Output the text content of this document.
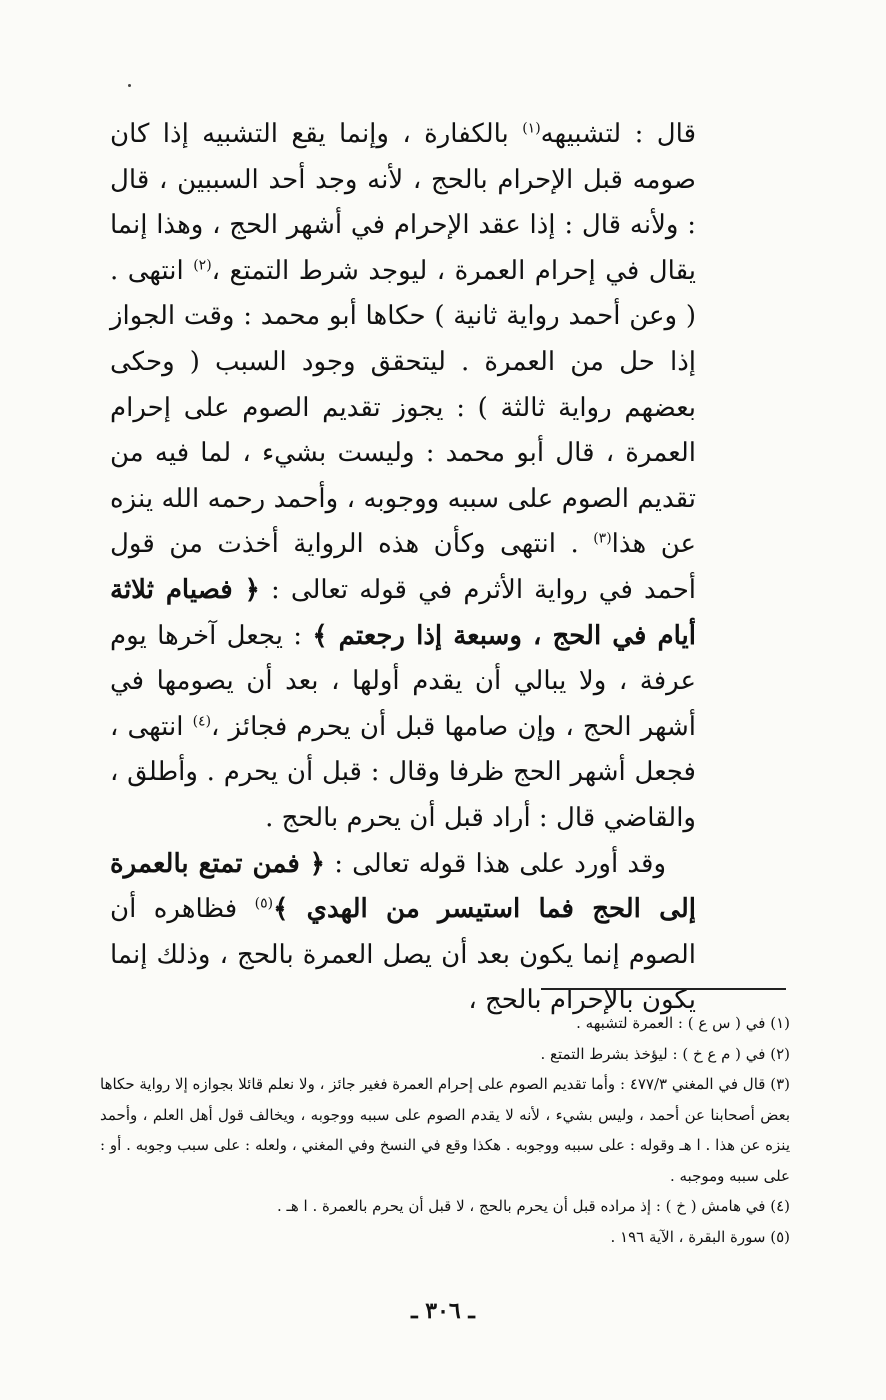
قال : لتشبيهه$^{(١)}$ بالكفارة ، وإنما يقع التشبيه إذا كان صومه قبل الإحرام بالحج ، لأنه وجد أحد السببين ، قال : ولأنه قال : إذا عقد الإحرام في أشهر الحج ، وهذا إنما يقال في إحرام العمرة ، ليوجد شرط التمتع ،$^{(٢)}$ انتهى . ( وعن أحمد رواية ثانية ) حكاها أبو محمد : وقت الجواز إذا حل من العمرة . ليتحقق وجود السبب ( وحكى بعضهم رواية ثالثة ) : يجوز تقديم الصوم على إحرام العمرة ، قال أبو محمد : وليست بشيء ، لما فيه من تقديم الصوم على سببه ووجوبه ، وأحمد رحمه الله ينزه عن هذا$^{(٣)}$ . انتهى وكأن هذه الرواية أخذت من قول أحمد في رواية الأثرم في قوله تعالى : ﴿ فصيام ثلاثة أيام في الحج ، وسبعة إذا رجعتم ﴾ : يجعل آخرها يوم عرفة ، ولا يبالي أن يقدم أولها ، بعد أن يصومها في أشهر الحج ، وإن صامها قبل أن يحرم فجائز ،$^{(٤)}$ انتهى ، فجعل أشهر الحج ظرفا وقال : قبل أن يحرم . وأطلق ، والقاضي قال : أراد قبل أن يحرم بالحج .

وقد أورد على هذا قوله تعالى : ﴿ فمن تمتع بالعمرة إلى الحج فما استيسر من الهدي ﴾$^{(٥)}$ فظاهره أن الصوم إنما يكون بعد أن يصل العمرة بالحج ، وذلك إنما يكون بالإحرام بالحج ،

(١) في ( س ع ) : العمرة لتشبهه .

(٢) في ( م ع خ ) : ليؤخذ بشرط التمتع .

(٣) قال في المغني ٤٧٧/٣ : وأما تقديم الصوم على إحرام العمرة فغير جائز ، ولا نعلم قائلا بجوازه إلا رواية حكاها بعض أصحابنا عن أحمد ، وليس بشيء ، لأنه لا يقدم الصوم على سببه ووجوبه ، ويخالف قول أهل العلم ، وأحمد ينزه عن هذا . ا هـ وقوله : على سببه ووجوبه . هكذا وقع في النسخ وفي المغني ، ولعله : على سبب وجوبه . أو : على سببه وموجبه .

(٤) في هامش ( خ ) : إذ مراده قبل أن يحرم بالحج ، لا قبل أن يحرم بالعمرة . ا هـ .

(٥) سورة البقرة ، الآية ١٩٦ .

ـ ٣٠٦ ـ
